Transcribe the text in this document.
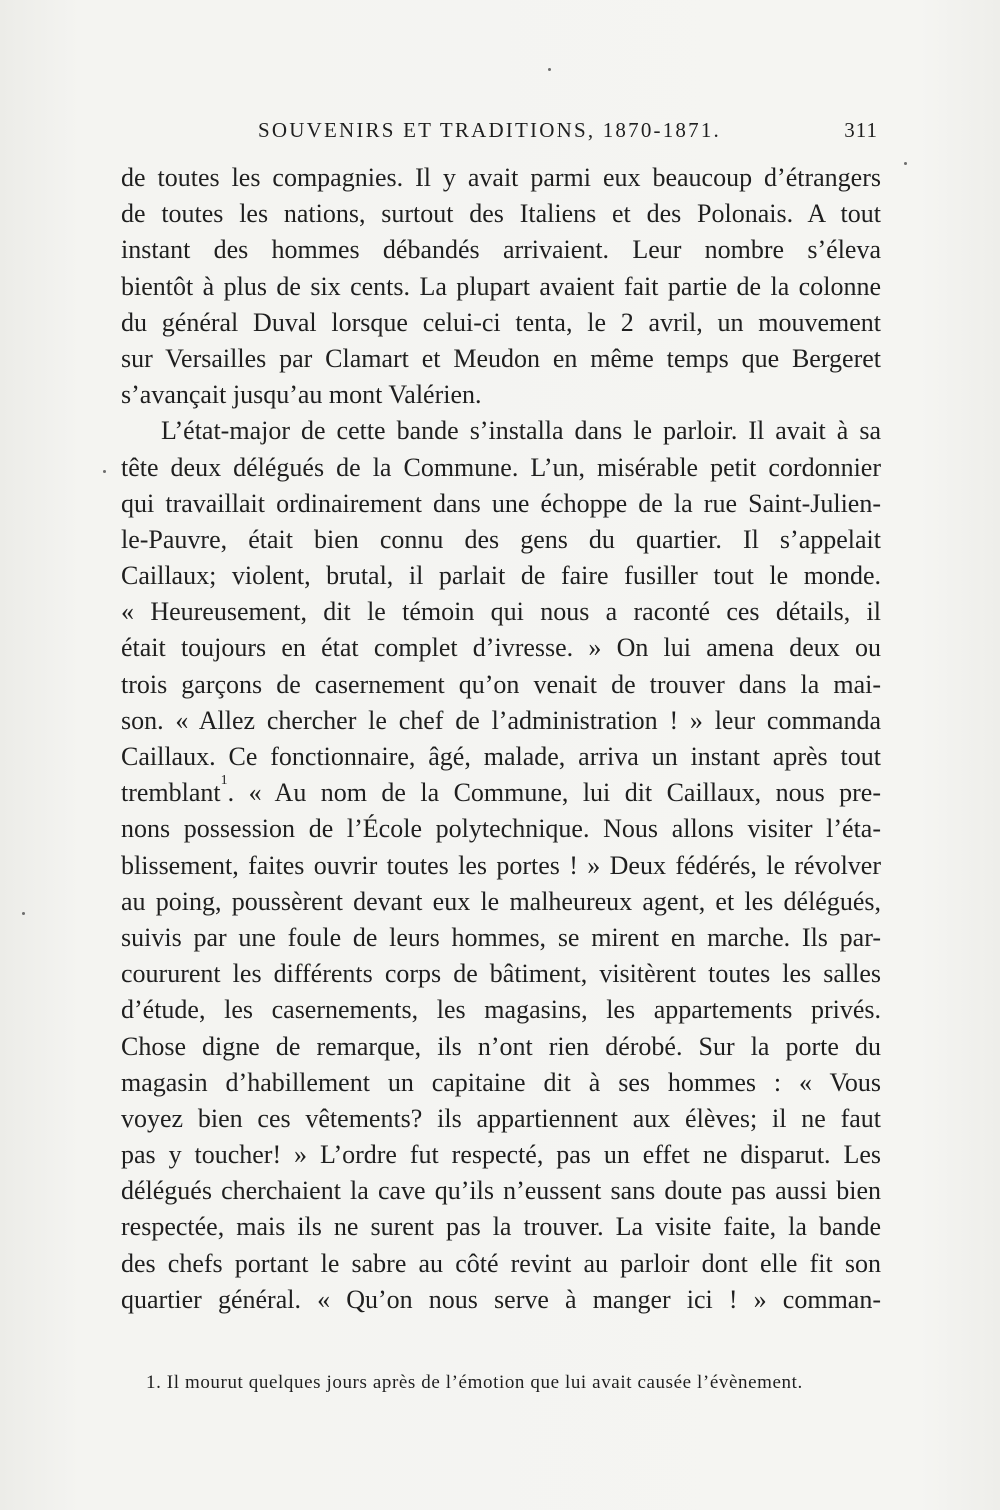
SOUVENIRS ET TRADITIONS, 1870-1871.	311
de toutes les compagnies. Il y avait parmi eux beaucoup d’étrangers
de toutes les nations, surtout des Italiens et des Polonais. A tout
instant des hommes débandés arrivaient. Leur nombre s’éleva
bientôt à plus de six cents. La plupart avaient fait partie de la colonne
du général Duval lorsque celui-ci tenta, le 2 avril, un mouvement
sur Versailles par Clamart et Meudon en même temps que Bergeret
s’avançait jusqu’au mont Valérien.
L’état-major de cette bande s’installa dans le parloir. Il avait à sa
tête deux délégués de la Commune. L’un, misérable petit cordonnier
qui travaillait ordinairement dans une échoppe de la rue Saint-Julien-
le-Pauvre, était bien connu des gens du quartier. Il s’appelait
Caillaux; violent, brutal, il parlait de faire fusiller tout le monde.
« Heureusement, dit le témoin qui nous a raconté ces détails, il
était toujours en état complet d’ivresse. » On lui amena deux ou
trois garçons de casernement qu’on venait de trouver dans la mai-
son. « Allez chercher le chef de l’administration ! » leur commanda
Caillaux. Ce fonctionnaire, âgé, malade, arriva un instant après tout
tremblant$^1$. « Au nom de la Commune, lui dit Caillaux, nous pre-
nons possession de l’École polytechnique. Nous allons visiter l’éta-
blissement, faites ouvrir toutes les portes ! » Deux fédérés, le révolver
au poing, poussèrent devant eux le malheureux agent, et les délégués,
suivis par une foule de leurs hommes, se mirent en marche. Ils par-
coururent les différents corps de bâtiment, visitèrent toutes les salles
d’étude, les casernements, les magasins, les appartements privés.
Chose digne de remarque, ils n’ont rien dérobé. Sur la porte du
magasin d’habillement un capitaine dit à ses hommes : « Vous
voyez bien ces vêtements? ils appartiennent aux élèves; il ne faut
pas y toucher! » L’ordre fut respecté, pas un effet ne disparut. Les
délégués cherchaient la cave qu’ils n’eussent sans doute pas aussi bien
respectée, mais ils ne surent pas la trouver. La visite faite, la bande
des chefs portant le sabre au côté revint au parloir dont elle fit son
quartier général. « Qu’on nous serve à manger ici ! » comman-
1. Il mourut quelques jours après de l’émotion que lui avait causée l’évènement.
